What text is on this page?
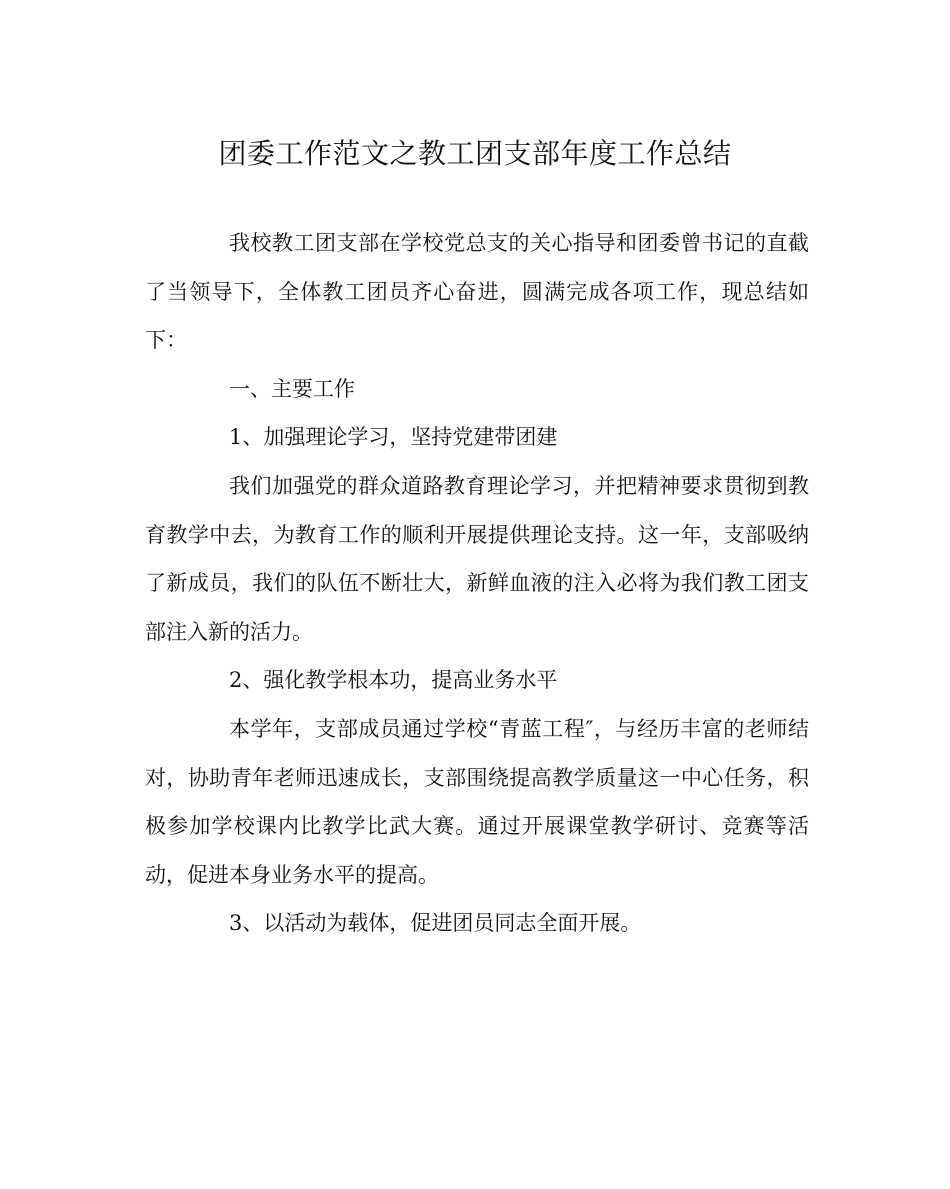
团委工作范文之教工团支部年度工作总结

我校教工团支部在学校党总支的关心指导和团委曾书记的直截了当领导下，全体教工团员齐心奋进，圆满完成各项工作，现总结如下：

一、主要工作

1、加强理论学习，坚持党建带团建

我们加强党的群众道路教育理论学习，并把精神要求贯彻到教育教学中去，为教育工作的顺利开展提供理论支持。这一年，支部吸纳了新成员，我们的队伍不断壮大，新鲜血液的注入必将为我们教工团支部注入新的活力。

2、强化教学根本功，提高业务水平

本学年，支部成员通过学校“青蓝工程″，与经历丰富的老师结对，协助青年老师迅速成长，支部围绕提高教学质量这一中心任务，积极参加学校课内比教学比武大赛。通过开展课堂教学研讨、竞赛等活动，促进本身业务水平的提高。

3、以活动为载体，促进团员同志全面开展。
